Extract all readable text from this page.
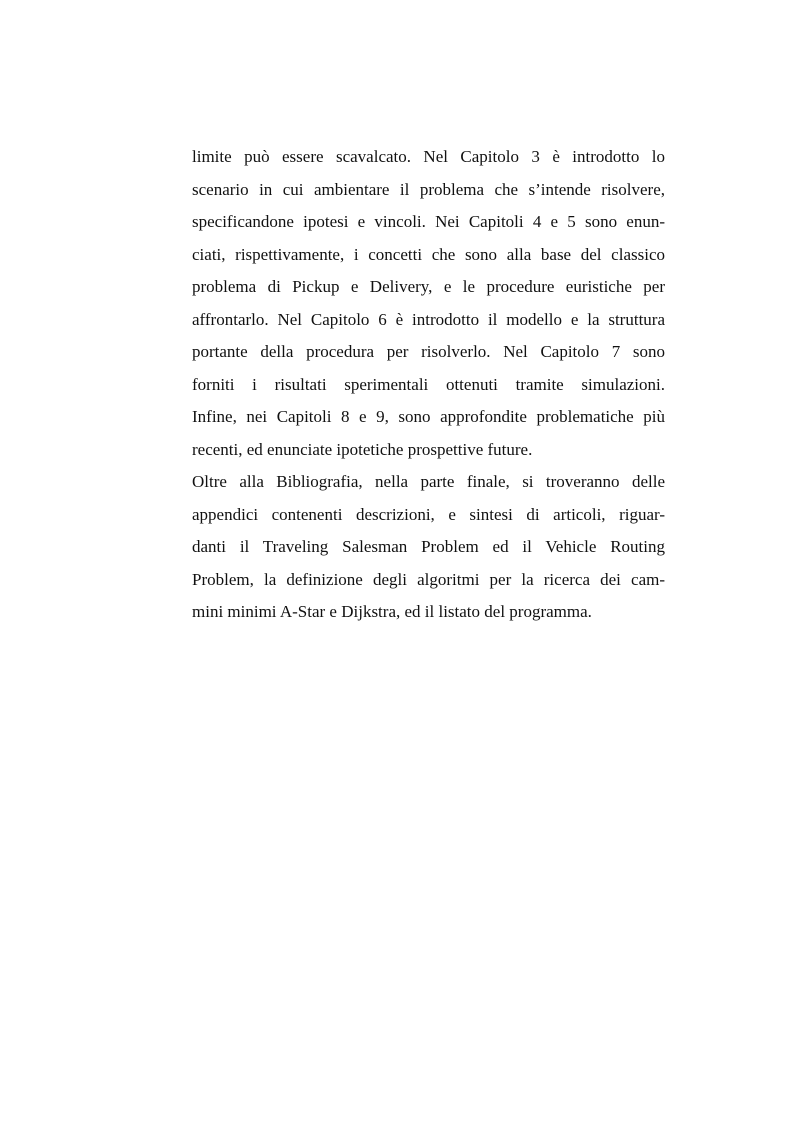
limite può essere scavalcato. Nel Capitolo 3 è introdotto lo
scenario in cui ambientare il problema che s’intende risolvere,
specificandone ipotesi e vincoli. Nei Capitoli 4 e 5 sono enun-
ciati, rispettivamente, i concetti che sono alla base del classico
problema di Pickup e Delivery, e le procedure euristiche per
affrontarlo. Nel Capitolo 6 è introdotto il modello e la struttura
portante della procedura per risolverlo. Nel Capitolo 7 sono
forniti i risultati sperimentali ottenuti tramite simulazioni.
Infine, nei Capitoli 8 e 9, sono approfondite problematiche più
recenti, ed enunciate ipotetiche prospettive future.
Oltre alla Bibliografia, nella parte finale, si troveranno delle
appendici contenenti descrizioni, e sintesi di articoli, riguar-
danti il Traveling Salesman Problem ed il Vehicle Routing
Problem, la definizione degli algoritmi per la ricerca dei cam-
mini minimi A-Star e Dijkstra, ed il listato del programma.
